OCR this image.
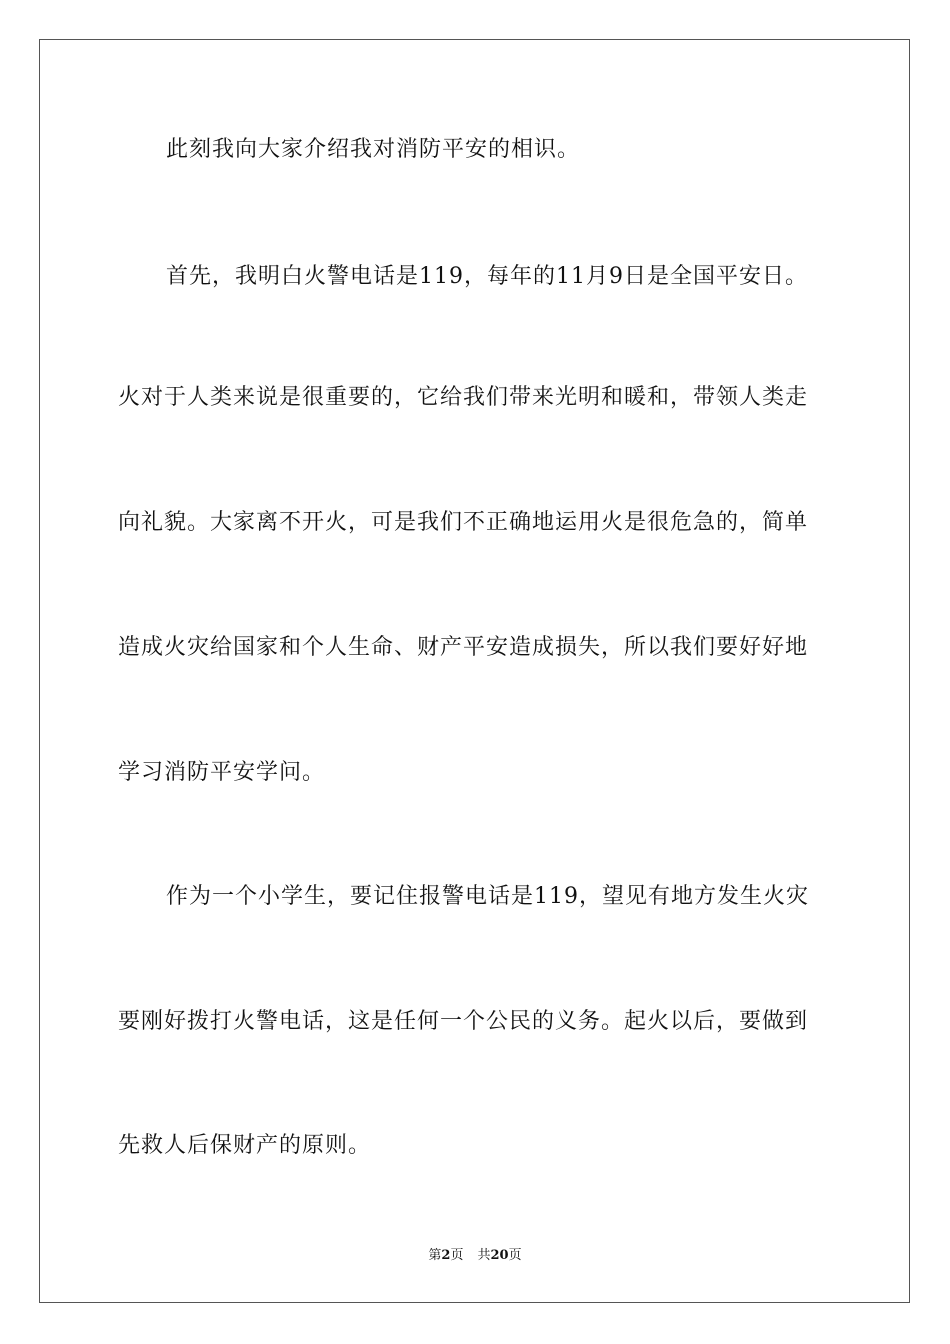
此刻我向大家介绍我对消防平安的相识。
首先，我明白火警电话是119，每年的11月9日是全国平安日。
火对于人类来说是很重要的，它给我们带来光明和暖和，带领人类走
向礼貌。大家离不开火，可是我们不正确地运用火是很危急的，简单
造成火灾给国家和个人生命、财产平安造成损失，所以我们要好好地
学习消防平安学问。
作为一个小学生，要记住报警电话是119，望见有地方发生火灾
要刚好拨打火警电话，这是任何一个公民的义务。起火以后，要做到
先救人后保财产的原则。
第2页 共20页
